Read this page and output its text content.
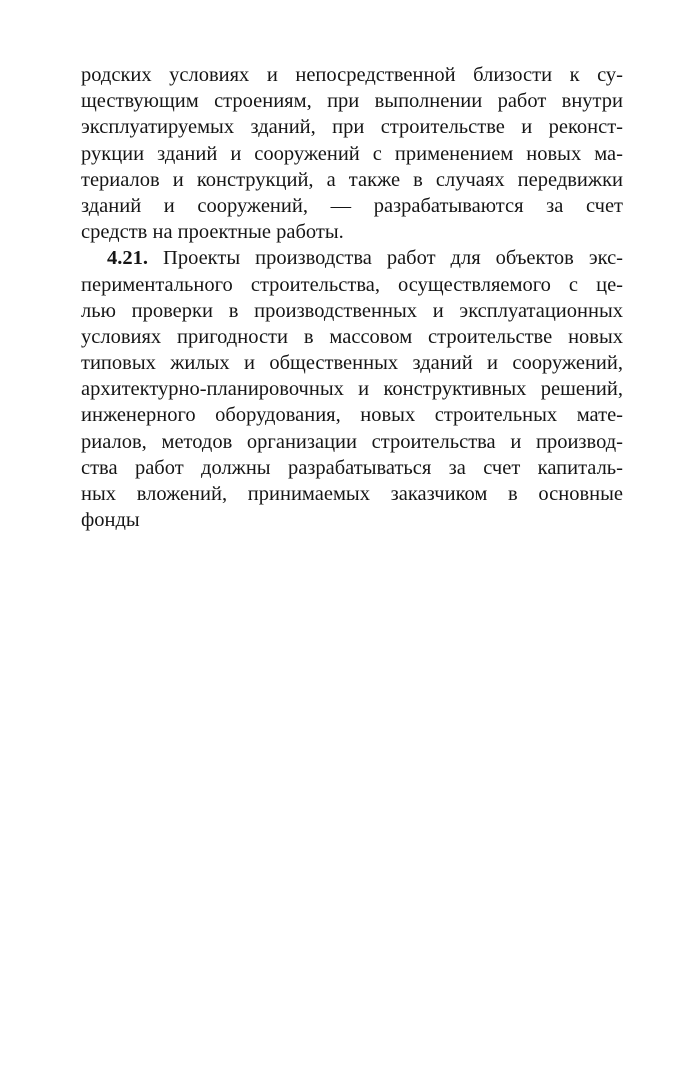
родских условиях и непосредственной близости к су-
ществующим строениям, при выполнении работ внутри
эксплуатируемых зданий, при строительстве и реконст-
рукции зданий и сооружений с применением новых ма-
териалов и конструкций, а также в случаях передвижки
зданий и сооружений, — разрабатываются за счет
средств на проектные работы.
4.21. Проекты производства работ для объектов экс-
периментального строительства, осуществляемого с це-
лью проверки в производственных и эксплуатационных
условиях пригодности в массовом строительстве новых
типовых жилых и общественных зданий и сооружений,
архитектурно-планировочных и конструктивных решений,
инженерного оборудования, новых строительных мате-
риалов, методов организации строительства и производ-
ства работ должны разрабатываться за счет капиталь-
ных вложений, принимаемых заказчиком в основные
фонды
